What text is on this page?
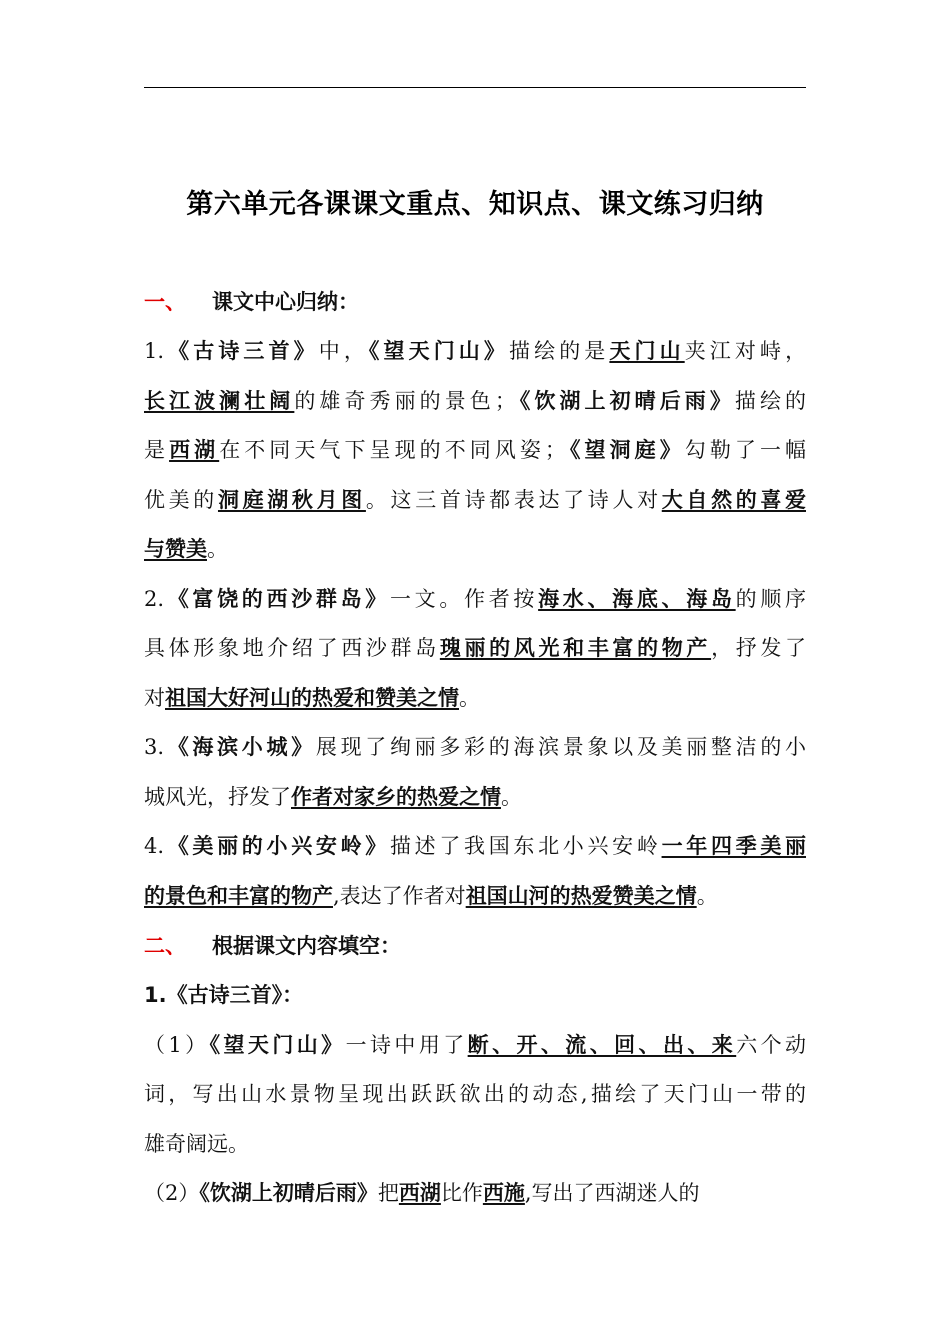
第六单元各课课文重点、知识点、课文练习归纳
一、 课文中心归纳：
1.《古诗三首》中，《望天门山》描绘的是天门山夹江对峙，
长江波澜壮阔的雄奇秀丽的景色；《饮湖上初晴后雨》描绘的
是西湖在不同天气下呈现的不同风姿；《望洞庭》勾勒了一幅
优美的洞庭湖秋月图。这三首诗都表达了诗人对大自然的喜爱
与赞美。
2.《富饶的西沙群岛》一文。作者按海水、海底、海岛的顺序
具体形象地介绍了西沙群岛瑰丽的风光和丰富的物产，抒发了
对祖国大好河山的热爱和赞美之情。
3.《海滨小城》展现了绚丽多彩的海滨景象以及美丽整洁的小
城风光，抒发了作者对家乡的热爱之情。
4.《美丽的小兴安岭》描述了我国东北小兴安岭一年四季美丽
的景色和丰富的物产,表达了作者对祖国山河的热爱赞美之情。
二、 根据课文内容填空：
1.《古诗三首》：
（1）《望天门山》一诗中用了断、开、流、回、出、来六个动
词，写出山水景物呈现出跃跃欲出的动态,描绘了天门山一带的
雄奇阔远。
（2）《饮湖上初晴后雨》把西湖比作西施,写出了西湖迷人的
